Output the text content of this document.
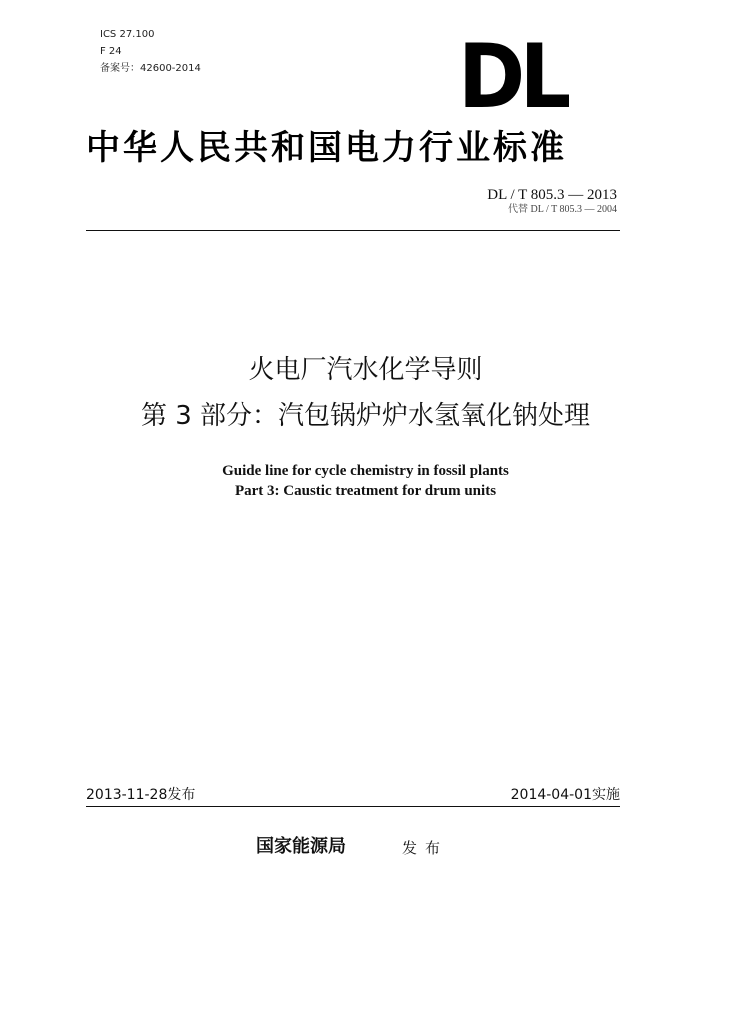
ICS 27.100
F 24
备案号：42600-2014	DL
中华人民共和国电力行业标准
DL / T 805.3 — 2013
代替 DL / T 805.3 — 2004
火电厂汽水化学导则
第 3 部分：汽包锅炉炉水氢氧化钠处理
Guide line for cycle chemistry in fossil plants
Part 3: Caustic treatment for drum units
2013-11-28发布	2014-04-01实施
国家能源局	发布
